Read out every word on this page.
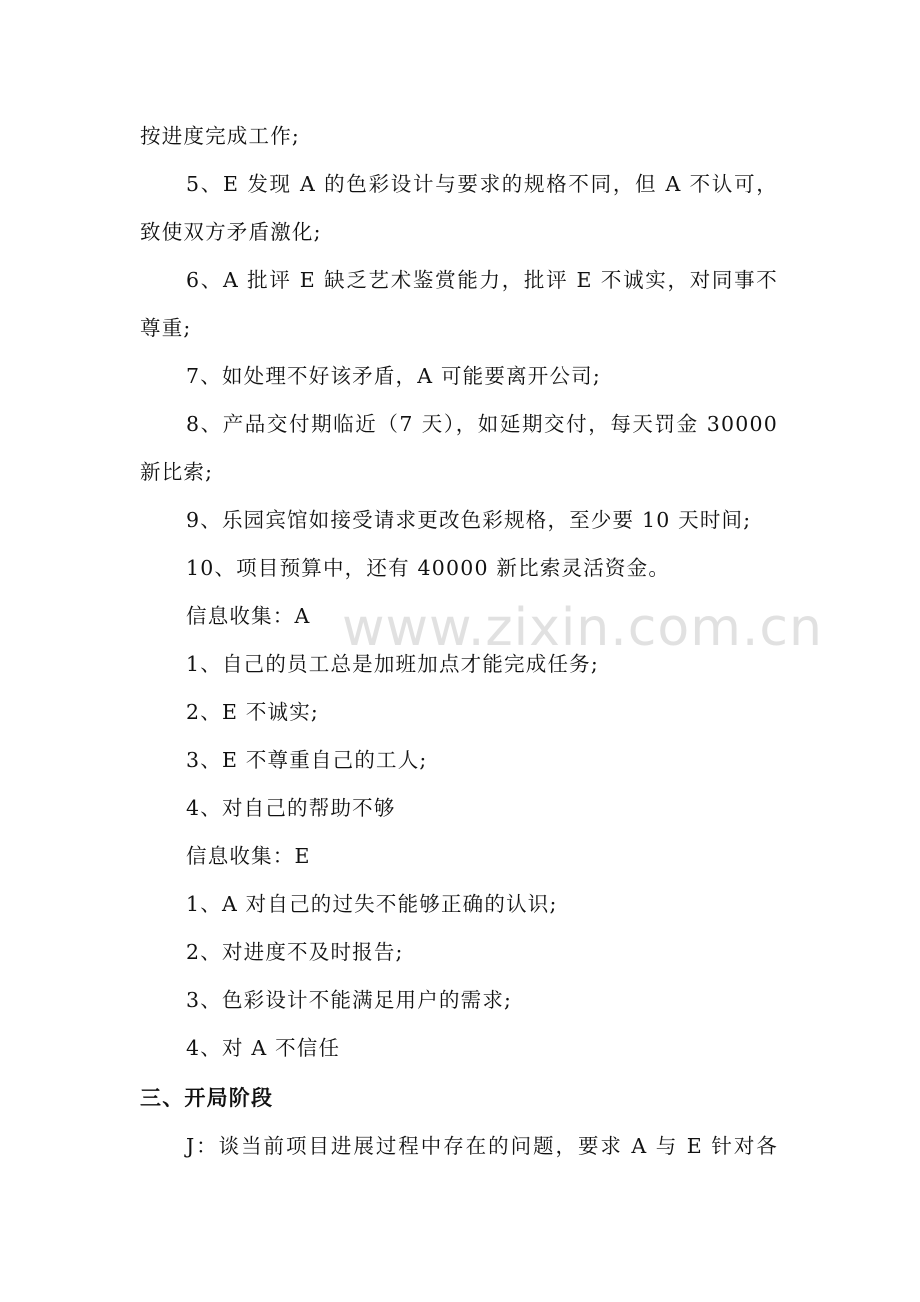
按进度完成工作;
5、E 发现 A 的色彩设计与要求的规格不同，但 A 不认可，
致使双方矛盾激化;
6、A 批评 E 缺乏艺术鉴赏能力，批评 E 不诚实，对同事不
尊重;
7、如处理不好该矛盾，A 可能要离开公司;
8、产品交付期临近（7 天），如延期交付，每天罚金 30000
新比索;
9、乐园宾馆如接受请求更改色彩规格，至少要 10 天时间;
10、项目预算中，还有 40000 新比索灵活资金。
信息收集：A
1、自己的员工总是加班加点才能完成任务;
2、E 不诚实;
3、E 不尊重自己的工人;
4、对自己的帮助不够
信息收集：E
1、A 对自己的过失不能够正确的认识;
2、对进度不及时报告;
3、色彩设计不能满足用户的需求;
4、对 A 不信任
三、开局阶段
J：谈当前项目进展过程中存在的问题，要求 A 与 E 针对各
www.zixin.com.cn
